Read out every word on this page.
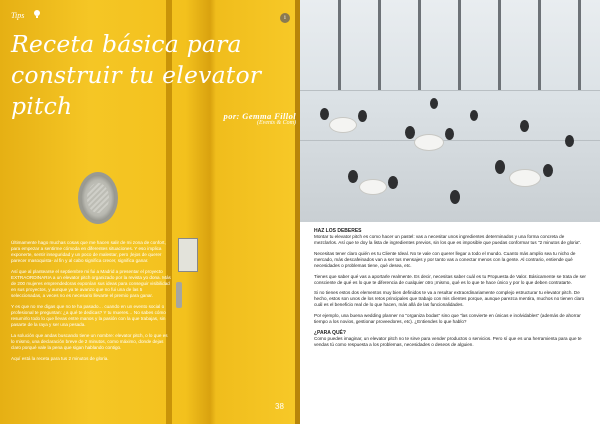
Tips
Receta básica para construir tu elevator pitch	por: Gemma Fillol
(Events & Com)

Últimamente hago muchas cosas que me hacen salir de mi zona de confort, para empezar a sentirme cómoda en diferentes situaciones. Y eso implica exponerte, sentir inseguridad y un poco de malestar, pero ¡lejos de querer parecer masoquista- al fin y al cabo significa crecer, significa ganar.

Así que al plantearse el septiembre mi fui a Madrid a presentar el proyecto EXTRAORDINARIA a un elevator pitch organizado por la revista yo dona. Más de 200 mujeres emprendedoras exponían sus ideas para conseguir visibilidad en sus proyectos, y aunque ya te avanzo que no fui una de las 5 seleccionadas, a veces no es necesario llevarte el premio para ganar.

Y es que no me digas que no te ha pasado… cuando en un evento social o profesional te preguntan: ¿a qué te dedicas? Y tu mueres… No sabes cómo resumirlo todo lo que llevas entre manos y la pasión con la que trabajas, sin pasarte de la raya y ser una pesada.

La solución que andas buscando tiene un nombre: elevator pitch, o lo que es lo mismo, una declaración breve de 2 minutos, como máximo, donde dejas claro porqué vale la pena que sigan hablando contigo.

Aquí está la receta para tus 2 minutos de gloria.

38
i
HAZ LOS DEBERES

Montar tu elevator pitch es como hacer un pastel: vas a necesitar unos ingredientes determinados y una forma concreta de mezclarlos. Así que te doy la lista de ingredientes previos, sin los que es imposible que puedas conformar tus "2 minutos de gloria".

Necesitas tener claro quién es tu Cliente Ideal. No te vale con querer llegar a todo el mundo. Cuanto más amplio sea tu nicho de mercado, más descafeinados van a ser tus mensajes y por tanto vas a conectar menos con la gente. Al contrario, entiende qué necesidades o problemas tiene, qué desea, etc.

Tienes que saber qué vas a aportarle realmente. Es decir, necesitas saber cuál es tu Propuesta de Valor. Básicamente se trata de ser consciente de qué es lo que te diferencia de cualquier otro ¡mismo, qué es lo que te hace único y por lo que deben contratarte.

Si no tienes estos dos elementos muy bien definidos te va a resultar extraordinariamente complejo estructurar tu elevator pitch. De hecho, estos son unos de los retos principales que trabajo con mis clientes porque, aunque parezca mentira, muchos no tienen claro cuál es el beneficio real de lo que hacen, más allá de las funcionalidades.

Por ejemplo, una buena wedding planner no "organiza bodas" sino que "las convierte en únicas e inolvidables" (además de ahorrar tiempo a los novios, gestionar proveedores, etc). ¿Entiendes lo que hablo?

¿PARA QUÉ?

Como puedes imaginar, un elevator pitch no te sirve para vender productos o servicios. Pero sí que es una herramienta para que te vendas tú como respuesta a los problemas, necesidades o deseos de alguien.
